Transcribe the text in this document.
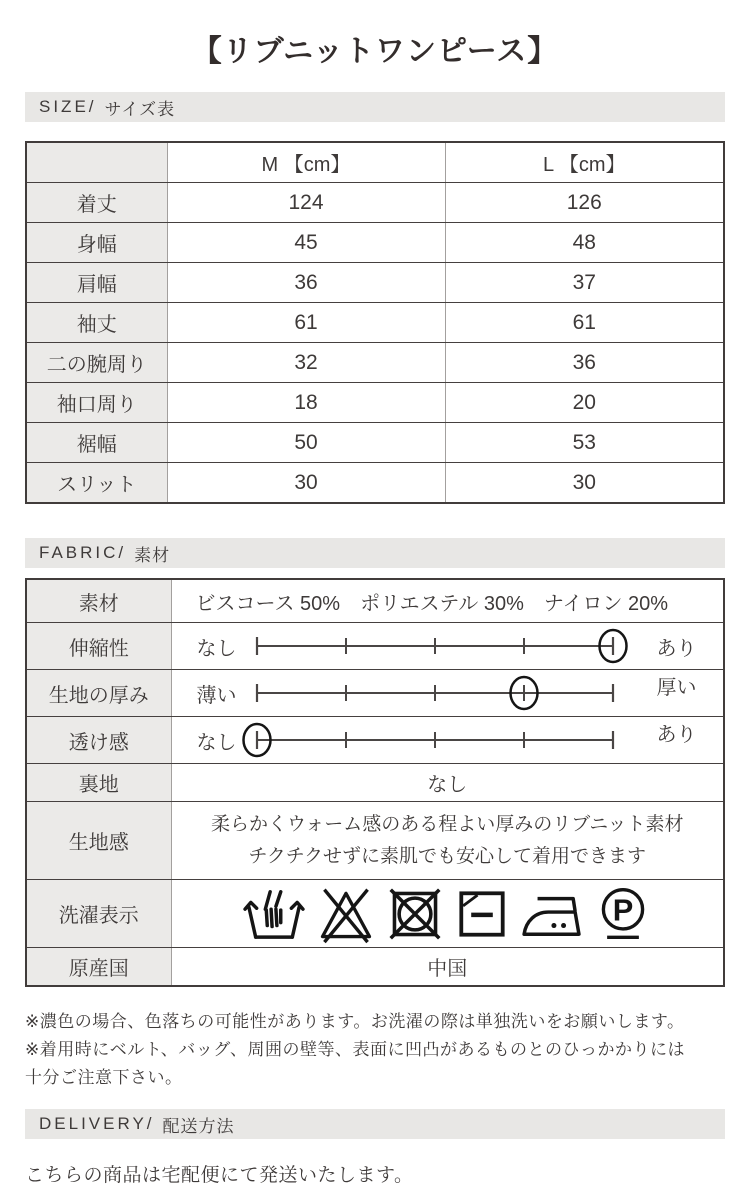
【リブニットワンピース】
SIZE/ サイズ表
	M 【cm】	L 【cm】
着丈	124	126
身幅	45	48
肩幅	36	37
袖丈	61	61
二の腕周り	32	36
袖口周り	18	20
裾幅	50	53
スリット	30	30
FABRIC/ 素材
素材	ビスコース 50%　ポリエステル 30%　ナイロン 20%
伸縮性	なし あり

生地の厚み	薄い 厚い

透け感	なし あり

裏地	なし
生地感	柔らかくウォーム感のある程よい厚みのリブニット素材
チクチクせずに素肌でも安心して着用できます

洗濯表示	P

原産国	中国
※濃色の場合、色落ちの可能性があります。お洗濯の際は単独洗いをお願いします。
※着用時にベルト、バッグ、周囲の壁等、表面に凹凸があるものとのひっかかりには
十分ご注意下さい。
DELIVERY/ 配送方法
こちらの商品は宅配便にて発送いたします。
